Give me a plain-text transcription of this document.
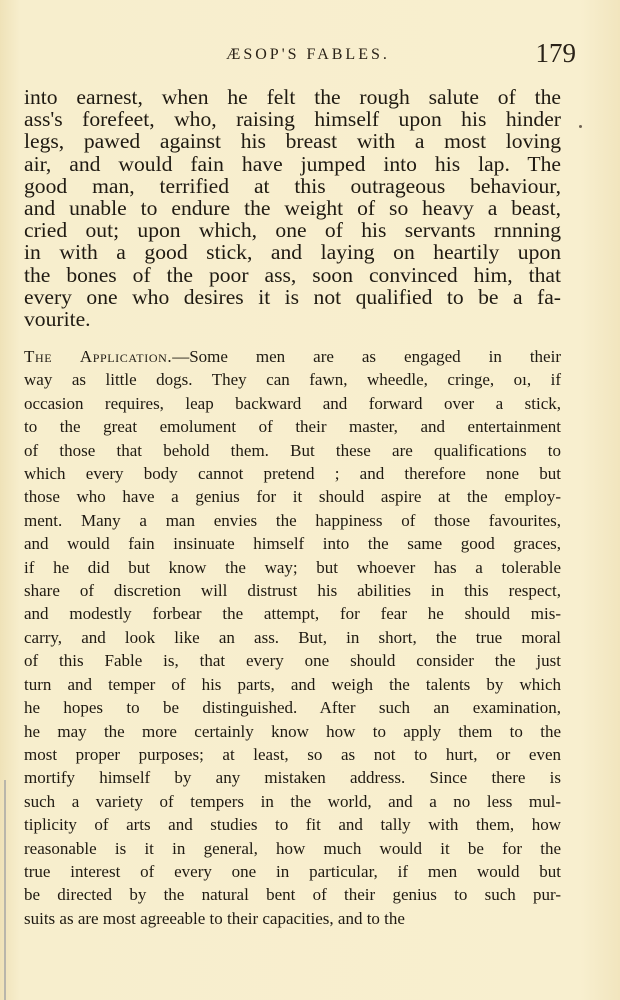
ÆSOP'S FABLES.	179
into earnest, when he felt the rough salute of the
ass's forefeet, who, raising himself upon his hinder
legs, pawed against his breast with a most loving
air, and would fain have jumped into his lap. The
good man, terrified at this outrageous behaviour,
and unable to endure the weight of so heavy a beast,
cried out; upon which, one of his servants rnnning
in with a good stick, and laying on heartily upon
the bones of the poor ass, soon convinced him, that
every one who desires it is not qualified to be a fa-
vourite.
The Application.—Some men are as engaged in their
way as little dogs. They can fawn, wheedle, cringe, oı, if
occasion requires, leap backward and forward over a stick,
to the great emolument of their master, and entertainment
of those that behold them. But these are qualifications to
which every body cannot pretend ; and therefore none but
those who have a genius for it should aspire at the employ-
ment. Many a man envies the happiness of those favourites,
and would fain insinuate himself into the same good graces,
if he did but know the way; but whoever has a tolerable
share of discretion will distrust his abilities in this respect,
and modestly forbear the attempt, for fear he should mis-
carry, and look like an ass. But, in short, the true moral
of this Fable is, that every one should consider the just
turn and temper of his parts, and weigh the talents by which
he hopes to be distinguished. After such an examination,
he may the more certainly know how to apply them to the
most proper purposes; at least, so as not to hurt, or even
mortify himself by any mistaken address. Since there is
such a variety of tempers in the world, and a no less mul-
tiplicity of arts and studies to fit and tally with them, how
reasonable is it in general, how much would it be for the
true interest of every one in particular, if men would but
be directed by the natural bent of their genius to such pur-
suits as are most agreeable to their capacities, and to the
